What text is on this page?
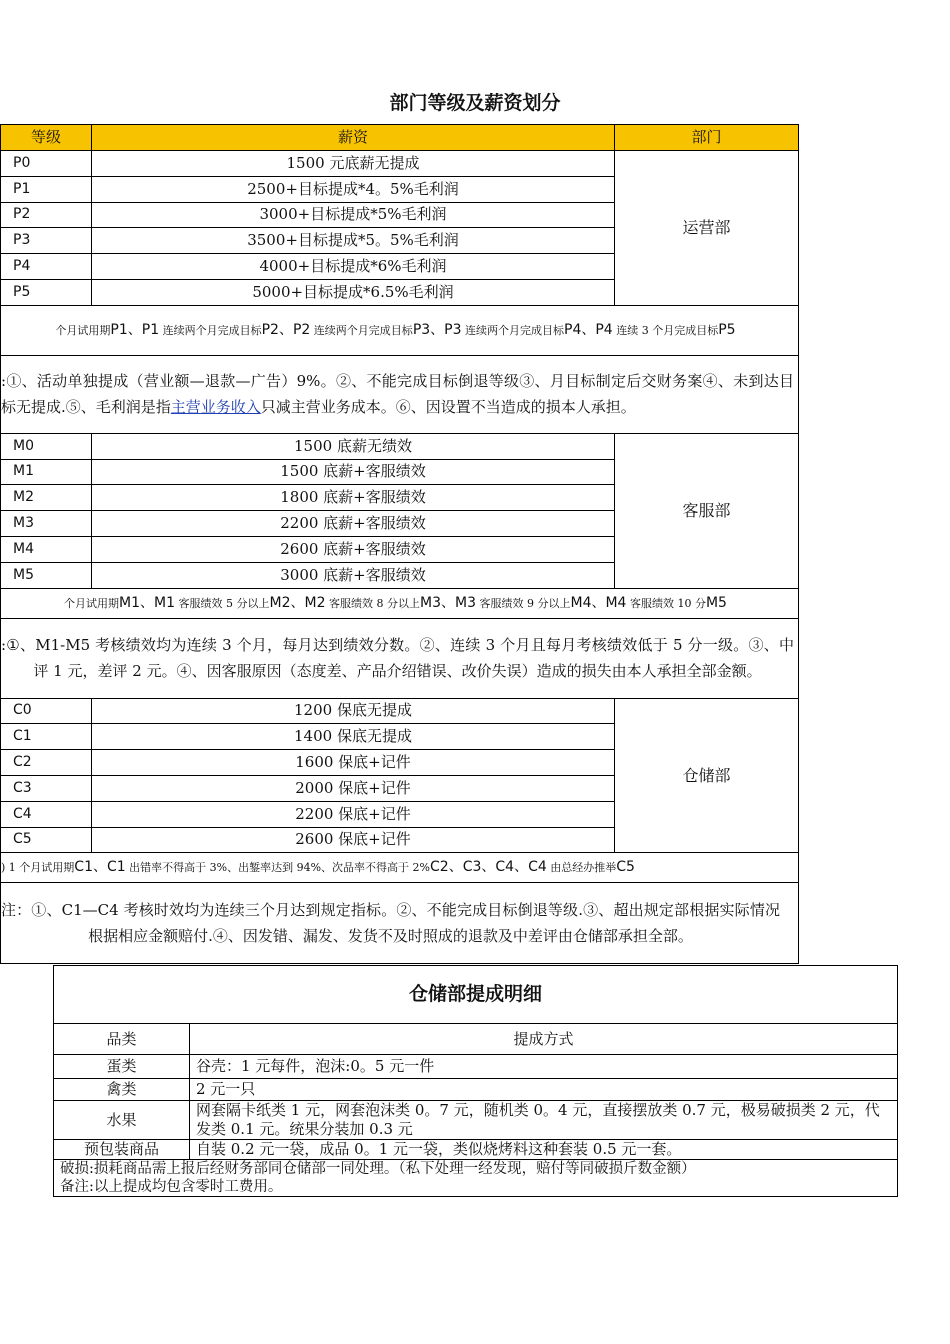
部门等级及薪资划分
等级	薪资	部门
P0	1500 元底薪无提成	运营部
P1	2500+目标提成*4。5%毛利润	
P2	3000+目标提成*5%毛利润	
P3	3500+目标提成*5。5%毛利润	
P4	4000+目标提成*6%毛利润	
P5	5000+目标提成*6.5%毛利润	
个月试用期P1、P1 连续两个月完成目标P2、P2 连续两个月完成目标P3、P3 连续两个月完成目标P4、P4 连续 3 个月完成目标P5		
:①、活动单独提成（营业额—退款—广告）9%。②、不能完成目标倒退等级③、月目标制定后交财务案④、未到达目标无提成.⑤、毛利润是指主营业务收入只减主营业务成本。⑥、因设置不当造成的损本人承担。		
M0	1500 底薪无绩效	客服部
M1	1500 底薪+客服绩效	
M2	1800 底薪+客服绩效	
M3	2200 底薪+客服绩效	
M4	2600 底薪+客服绩效	
M5	3000 底薪+客服绩效	
个月试用期M1、M1 客服绩效 5 分以上M2、M2 客服绩效 8 分以上M3、M3 客服绩效 9 分以上M4、M4 客服绩效 10 分M5		
:①、M1-M5 考核绩效均为连续 3 个月，每月达到绩效分数。②、连续 3 个月且每月考核绩效低于 5 分一级。③、中评 1 元，差评 2 元。④、因客服原因（态度差、产品介绍错误、改价失误）造成的损失由本人承担全部金额。		
C0	1200 保底无提成	仓储部
C1	1400 保底无提成	
C2	1600 保底+记件	
C3	2000 保底+记件	
C4	2200 保底+记件	
C5	2600 保底+记件	
) 1 个月试用期C1、C1 出错率不得高于 3%、出錾率达到 94%、次品率不得高于 2%C2、C3、C4、C4 由总经办推举C5		
注：①、C1—C4 考核时效均为连续三个月达到规定指标。②、不能完成目标倒退等级.③、超出规定部根据实际情况根据相应金额赔付.④、因发错、漏发、发货不及时照成的退款及中差评由仓储部承担全部。		
仓储部提成明细	
品类	提成方式
蛋类	谷壳：1 元每件，泡沫:0。5 元一件
禽类	2 元一只
水果	网套隔卡纸类 1 元，网套泡沫类 0。7 元，随机类 0。4 元，直接摆放类 0.7 元，极易破损类 2 元，代发类 0.1 元。统果分装加 0.3 元
预包装商品	自装 0.2 元一袋，成品 0。1 元一袋，类似烧烤料这种套装 0.5 元一套。

破损:损耗商品需上报后经财务部同仓储部一同处理。（私下处理一经发现，赔付等同破损斤数金额）
备注:以上提成均包含零时工费用。	
